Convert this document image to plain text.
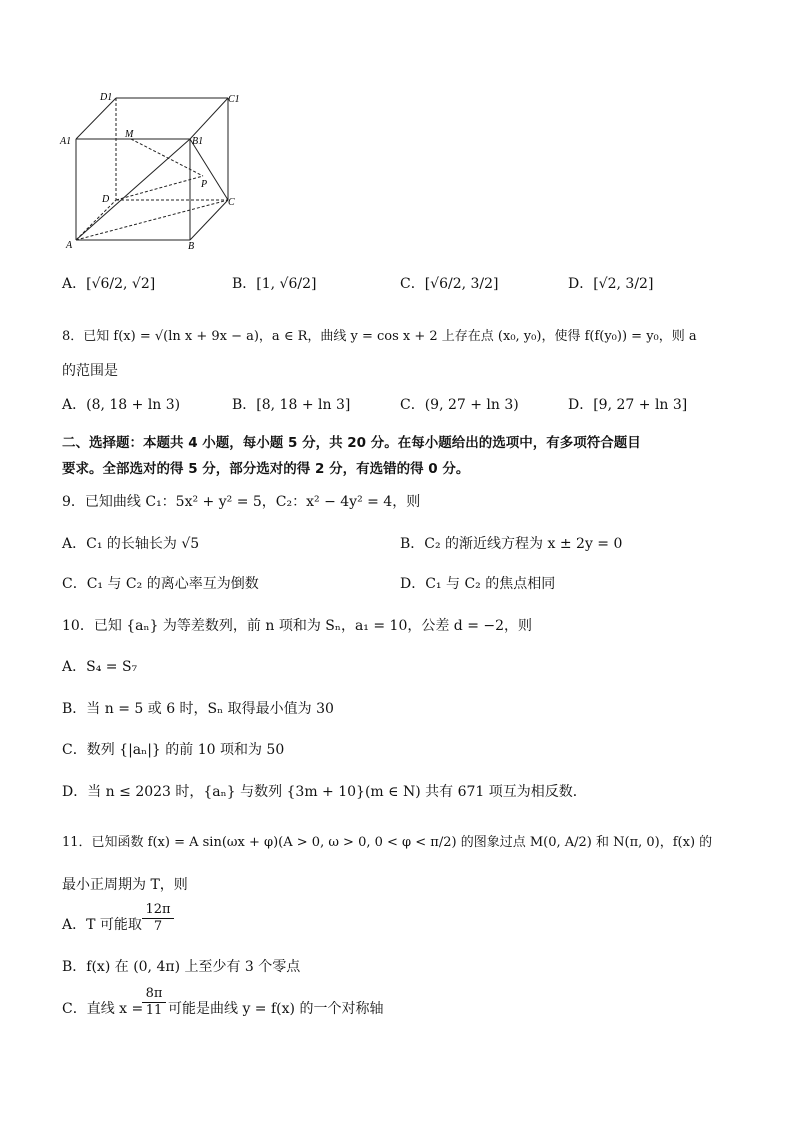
D1	C1
A1
M
B1
P
D	C
A	B
A．[√6/2, √2]	B．[1, √6/2]	C．[√6/2, 3/2]	D．[√2, 3/2]
8．已知 f(x) = √(ln x + 9x − a)，a ∈ R，曲线 y = cos x + 2 上存在点 (x₀, y₀)，使得 f(f(y₀)) = y₀，则 a
的范围是
A．(8, 18 + ln 3)	B．[8, 18 + ln 3]	C．(9, 27 + ln 3)	D．[9, 27 + ln 3]
二、选择题：本题共 4 小题，每小题 5 分，共 20 分。在每小题给出的选项中，有多项符合题目
要求。全部选对的得 5 分，部分选对的得 2 分，有选错的得 0 分。
9．已知曲线 C₁：5x² + y² = 5，C₂：x² − 4y² = 4，则
A．C₁ 的长轴长为 √5	B．C₂ 的渐近线方程为 x ± 2y = 0
C．C₁ 与 C₂ 的离心率互为倒数	D．C₁ 与 C₂ 的焦点相同
10．已知 {aₙ} 为等差数列，前 n 项和为 Sₙ，a₁ = 10，公差 d = −2，则
A．S₄ = S₇
B．当 n = 5 或 6 时，Sₙ 取得最小值为 30
C．数列 {|aₙ|} 的前 10 项和为 50
D．当 n ≤ 2023 时，{aₙ} 与数列 {3m + 10}(m ∈ N) 共有 671 项互为相反数．
11．已知函数 f(x) = A sin(ωx + φ)(A > 0, ω > 0, 0 < φ < π/2) 的图象过点 M(0, A/2) 和 N(π, 0)，f(x) 的
最小正周期为 T，则
A．T 可能取 $\frac{12\pi}{7}$
B．f(x) 在 (0, 4π) 上至少有 3 个零点
C．直线 x =
$\frac{8\pi}{11}$ 可能是曲线 y = f(x) 的一个对称轴
